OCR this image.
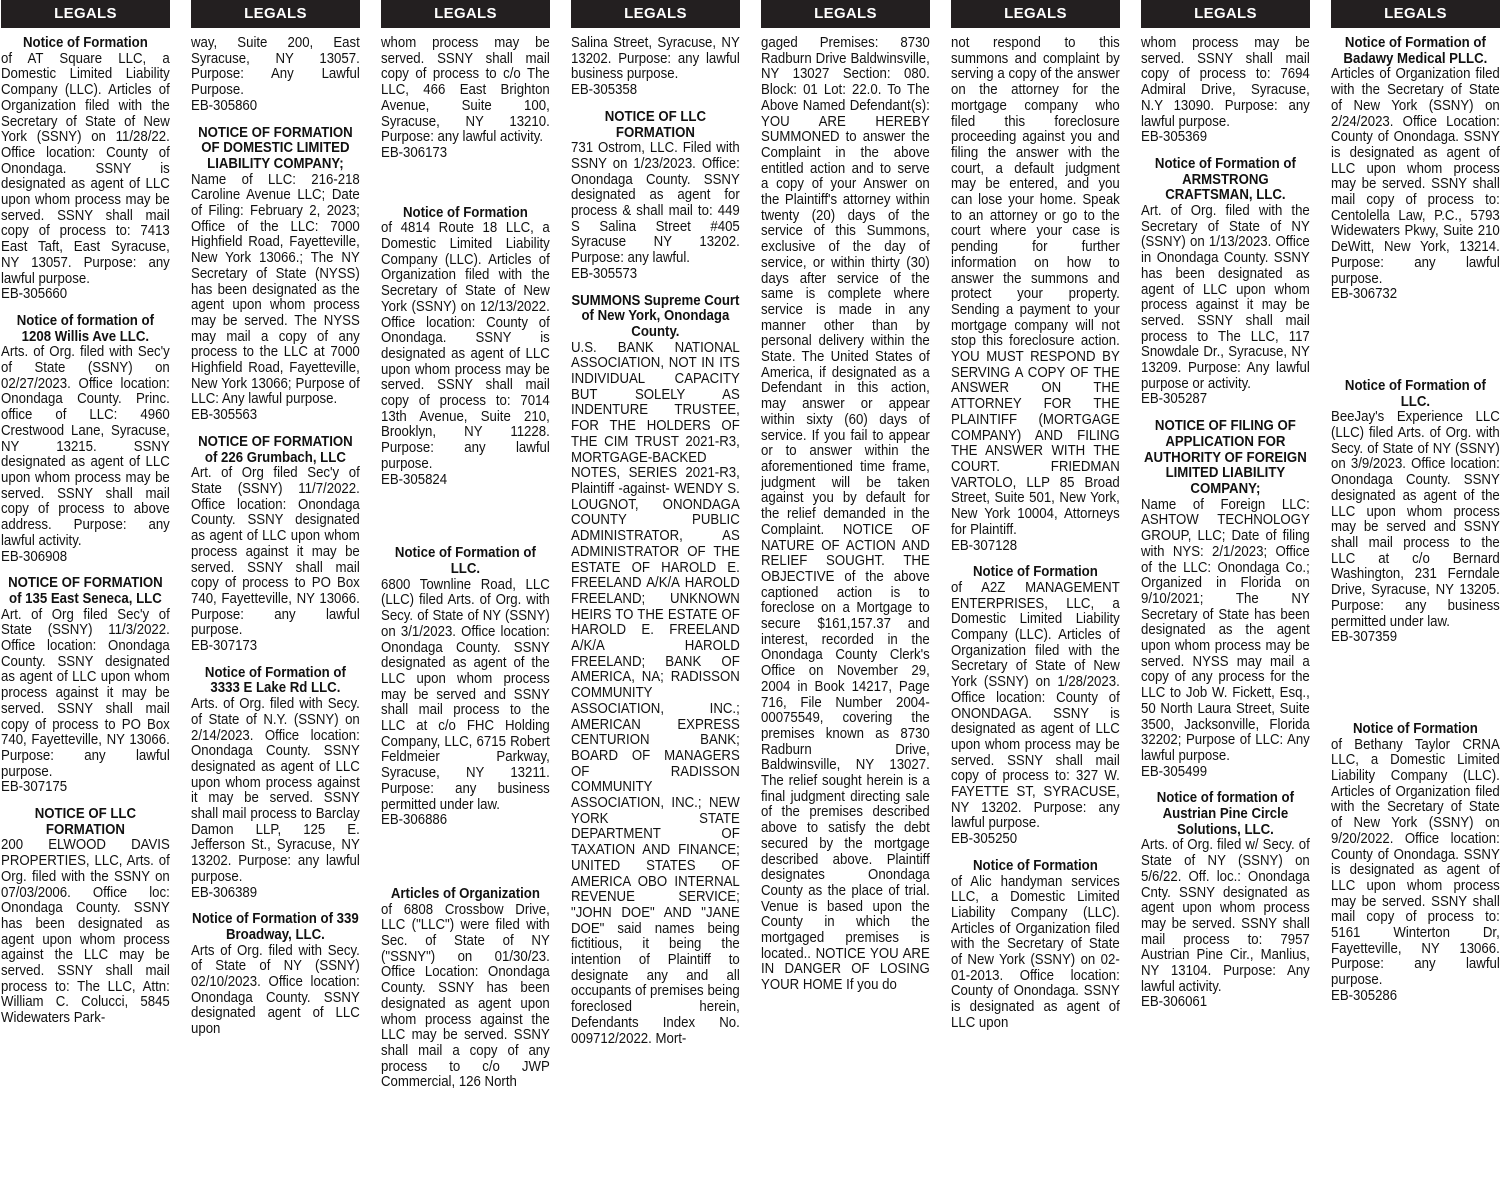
LEGALS
Notice of Formation
of AT Square LLC, a Domestic Limited Liability Company (LLC). Articles of Organization filed with the Secretary of State of New York (SSNY) on 11/28/22. Office location: County of Onondaga. SSNY is designated as agent of LLC upon whom process may be served. SSNY shall mail copy of process to: 7413 East Taft, East Syracuse, NY 13057. Purpose: any lawful purpose.
EB-305660
Notice of formation of 1208 Willis Ave LLC.
Arts. of Org. filed with Sec'y of State (SSNY) on 02/27/2023. Office location: Onondaga County. Princ. office of LLC: 4960 Crestwood Lane, Syracuse, NY 13215. SSNY designated as agent of LLC upon whom process may be served. SSNY shall mail copy of process to above address. Purpose: any lawful activity.
EB-306908
NOTICE OF FORMATION of 135 East Seneca, LLC
Art. of Org filed Sec'y of State (SSNY) 11/3/2022. Office location: Onondaga County. SSNY designated as agent of LLC upon whom process against it may be served. SSNY shall mail copy of process to PO Box 740, Fayetteville, NY 13066. Purpose: any lawful purpose.
EB-307175
NOTICE OF LLC FORMATION
200 ELWOOD DAVIS PROPERTIES, LLC, Arts. of Org. filed with the SSNY on 07/03/2006. Office loc: Onondaga County. SSNY has been designated as agent upon whom process against the LLC may be served. SSNY shall mail process to: The LLC, Attn: William C. Colucci, 5845 Widewaters Park-
LEGALS
way, Suite 200, East Syracuse, NY 13057. Purpose: Any Lawful Purpose.
EB-305860
NOTICE OF FORMATION OF DOMESTIC LIMITED LIABILITY COMPANY;
Name of LLC: 216-218 Caroline Avenue LLC; Date of Filing: February 2, 2023; Office of the LLC: 7000 Highfield Road, Fayetteville, New York 13066.; The NY Secretary of State (NYSS) has been designated as the agent upon whom process may be served. The NYSS may mail a copy of any process to the LLC at 7000 Highfield Road, Fayetteville, New York 13066; Purpose of LLC: Any lawful purpose.
EB-305563
NOTICE OF FORMATION of 226 Grumbach, LLC
Art. of Org filed Sec'y of State (SSNY) 11/7/2022. Office location: Onondaga County. SSNY designated as agent of LLC upon whom process against it may be served. SSNY shall mail copy of process to PO Box 740, Fayetteville, NY 13066. Purpose: any lawful purpose.
EB-307173
Notice of Formation of 3333 E Lake Rd LLC.
Arts. of Org. filed with Secy. of State of N.Y. (SSNY) on 2/14/2023. Office location: Onondaga County. SSNY designated as agent of LLC upon whom process against it may be served. SSNY shall mail process to Barclay Damon LLP, 125 E. Jefferson St., Syracuse, NY 13202. Purpose: any lawful purpose.
EB-306389
Notice of Formation of 339 Broadway, LLC.
Arts of Org. filed with Secy. of State of NY (SSNY) 02/10/2023. Office location: Onondaga County. SSNY designated agent of LLC upon
LEGALS
whom process may be served. SSNY shall mail copy of process to c/o The LLC, 466 East Brighton Avenue, Suite 100, Syracuse, NY 13210. Purpose: any lawful activity.
EB-306173
Notice of Formation
of 4814 Route 18 LLC, a Domestic Limited Liability Company (LLC). Articles of Organization filed with the Secretary of State of New York (SSNY) on 12/13/2022. Office location: County of Onondaga. SSNY is designated as agent of LLC upon whom process may be served. SSNY shall mail copy of process to: 7014 13th Avenue, Suite 210, Brooklyn, NY 11228. Purpose: any lawful purpose.
EB-305824
Notice of Formation of LLC.
6800 Townline Road, LLC (LLC) filed Arts. of Org. with Secy. of State of NY (SSNY) on 3/1/2023. Office location: Onondaga County. SSNY designated as agent of the LLC upon whom process may be served and SSNY shall mail process to the LLC at c/o FHC Holding Company, LLC, 6715 Robert Feldmeier Parkway, Syracuse, NY 13211. Purpose: any business permitted under law.
EB-306886
Articles of Organization
of 6808 Crossbow Drive, LLC ("LLC") were filed with Sec. of State of NY ("SSNY") on 01/30/23. Office Location: Onondaga County. SSNY has been designated as agent upon whom process against the LLC may be served. SSNY shall mail a copy of any process to c/o JWP Commercial, 126 North
LEGALS
Salina Street, Syracuse, NY 13202. Purpose: any lawful business purpose.
EB-305358
NOTICE OF LLC FORMATION
731 Ostrom, LLC. Filed with SSNY on 1/23/2023. Office: Onondaga County. SSNY designated as agent for process & shall mail to: 449 S Salina Street #405 Syracuse NY 13202. Purpose: any lawful.
EB-305573
SUMMONS Supreme Court of New York, Onondaga County.
U.S. BANK NATIONAL ASSOCIATION, NOT IN ITS INDIVIDUAL CAPACITY BUT SOLELY AS INDENTURE TRUSTEE, FOR THE HOLDERS OF THE CIM TRUST 2021-R3, MORTGAGE-BACKED NOTES, SERIES 2021-R3, Plaintiff -against- WENDY S. LOUGNOT, ONONDAGA COUNTY PUBLIC ADMINISTRATOR, AS ADMINISTRATOR OF THE ESTATE OF HAROLD E. FREELAND A/K/A HAROLD FREELAND; UNKNOWN HEIRS TO THE ESTATE OF HAROLD E. FREELAND A/K/A HAROLD FREELAND; BANK OF AMERICA, NA; RADISSON COMMUNITY ASSOCIATION, INC.; AMERICAN EXPRESS CENTURION BANK; BOARD OF MANAGERS OF RADISSON COMMUNITY ASSOCIATION, INC.; NEW YORK STATE DEPARTMENT OF TAXATION AND FINANCE; UNITED STATES OF AMERICA OBO INTERNAL REVENUE SERVICE; "JOHN DOE" AND "JANE DOE" said names being fictitious, it being the intention of Plaintiff to designate any and all occupants of premises being foreclosed herein, Defendants Index No. 009712/2022. Mort-
LEGALS
gaged Premises: 8730 Radburn Drive Baldwinsville, NY 13027 Section: 080. Block: 01 Lot: 22.0. To The Above Named Defendant(s): YOU ARE HEREBY SUMMONED to answer the Complaint in the above entitled action and to serve a copy of your Answer on the Plaintiff's attorney within twenty (20) days of the service of this Summons, exclusive of the day of service, or within thirty (30) days after service of the same is complete where service is made in any manner other than by personal delivery within the State. The United States of America, if designated as a Defendant in this action, may answer or appear within sixty (60) days of service. If you fail to appear or to answer within the aforementioned time frame, judgment will be taken against you by default for the relief demanded in the Complaint. NOTICE OF NATURE OF ACTION AND RELIEF SOUGHT. THE OBJECTIVE of the above captioned action is to foreclose on a Mortgage to secure $161,157.37 and interest, recorded in the Onondaga County Clerk's Office on November 29, 2004 in Book 14217, Page 716, File Number 2004-00075549, covering the premises known as 8730 Radburn Drive, Baldwinsville, NY 13027. The relief sought herein is a final judgment directing sale of the premises described above to satisfy the debt secured by the mortgage described above. Plaintiff designates Onondaga County as the place of trial. Venue is based upon the County in which the mortgaged premises is located.. NOTICE YOU ARE IN DANGER OF LOSING YOUR HOME If you do
LEGALS
not respond to this summons and complaint by serving a copy of the answer on the attorney for the mortgage company who filed this foreclosure proceeding against you and filing the answer with the court, a default judgment may be entered, and you can lose your home. Speak to an attorney or go to the court where your case is pending for further information on how to answer the summons and protect your property. Sending a payment to your mortgage company will not stop this foreclosure action. YOU MUST RESPOND BY SERVING A COPY OF THE ANSWER ON THE ATTORNEY FOR THE PLAINTIFF (MORTGAGE COMPANY) AND FILING THE ANSWER WITH THE COURT. FRIEDMAN VARTOLO, LLP 85 Broad Street, Suite 501, New York, New York 10004, Attorneys for Plaintiff.
EB-307128
Notice of Formation
of A2Z MANAGEMENT ENTERPRISES, LLC, a Domestic Limited Liability Company (LLC). Articles of Organization filed with the Secretary of State of New York (SSNY) on 1/28/2023. Office location: County of ONONDAGA. SSNY is designated as agent of LLC upon whom process may be served. SSNY shall mail copy of process to: 327 W. FAYETTE ST, SYRACUSE, NY 13202. Purpose: any lawful purpose.
EB-305250
Notice of Formation
of Alic handyman services LLC, a Domestic Limited Liability Company (LLC). Articles of Organization filed with the Secretary of State of New York (SSNY) on 02-01-2013. Office location: County of Onondaga. SSNY is designated as agent of LLC upon
LEGALS
whom process may be served. SSNY shall mail copy of process to: 7694 Admiral Drive, Syracuse, N.Y 13090. Purpose: any lawful purpose.
EB-305369
Notice of Formation of ARMSTRONG CRAFTSMAN, LLC.
Art. of Org. filed with the Secretary of State of NY (SSNY) on 1/13/2023. Office in Onondaga County. SSNY has been designated as agent of LLC upon whom process against it may be served. SSNY shall mail process to The LLC, 117 Snowdale Dr., Syracuse, NY 13209. Purpose: Any lawful purpose or activity.
EB-305287
NOTICE OF FILING OF APPLICATION FOR AUTHORITY OF FOREIGN LIMITED LIABILITY COMPANY;
Name of Foreign LLC: ASHTOW TECHNOLOGY GROUP, LLC; Date of filing with NYS: 2/1/2023; Office of the LLC: Onondaga Co.; Organized in Florida on 9/10/2021; The NY Secretary of State has been designated as the agent upon whom process may be served. NYSS may mail a copy of any process for the LLC to Job W. Fickett, Esq., 50 North Laura Street, Suite 3500, Jacksonville, Florida 32202; Purpose of LLC: Any lawful purpose.
EB-305499
Notice of formation of Austrian Pine Circle Solutions, LLC.
Arts. of Org. filed w/ Secy. of State of NY (SSNY) on 5/6/22. Off. loc.: Onondaga Cnty. SSNY designated as agent upon whom process may be served. SSNY shall mail process to: 7957 Austrian Pine Cir., Manlius, NY 13104. Purpose: Any lawful activity.
EB-306061
LEGALS
Notice of Formation of Badawy Medical PLLC.
Articles of Organization filed with the Secretary of State of New York (SSNY) on 2/24/2023. Office Location: County of Onondaga. SSNY is designated as agent of LLC upon whom process may be served. SSNY shall mail copy of process to: Centolella Law, P.C., 5793 Widewaters Pkwy, Suite 210 DeWitt, New York, 13214. Purpose: any lawful purpose.
EB-306732
Notice of Formation of LLC.
BeeJay's Experience LLC (LLC) filed Arts. of Org. with Secy. of State of NY (SSNY) on 3/9/2023. Office location: Onondaga County. SSNY designated as agent of the LLC upon whom process may be served and SSNY shall mail process to the LLC at c/o Bernard Washington, 231 Ferndale Drive, Syracuse, NY 13205. Purpose: any business permitted under law.
EB-307359
Notice of Formation
of Bethany Taylor CRNA LLC, a Domestic Limited Liability Company (LLC). Articles of Organization filed with the Secretary of State of New York (SSNY) on 9/20/2022. Office location: County of Onondaga. SSNY is designated as agent of LLC upon whom process may be served. SSNY shall mail copy of process to: 5161 Winterton Dr, Fayetteville, NY 13066. Purpose: any lawful purpose.
EB-305286
